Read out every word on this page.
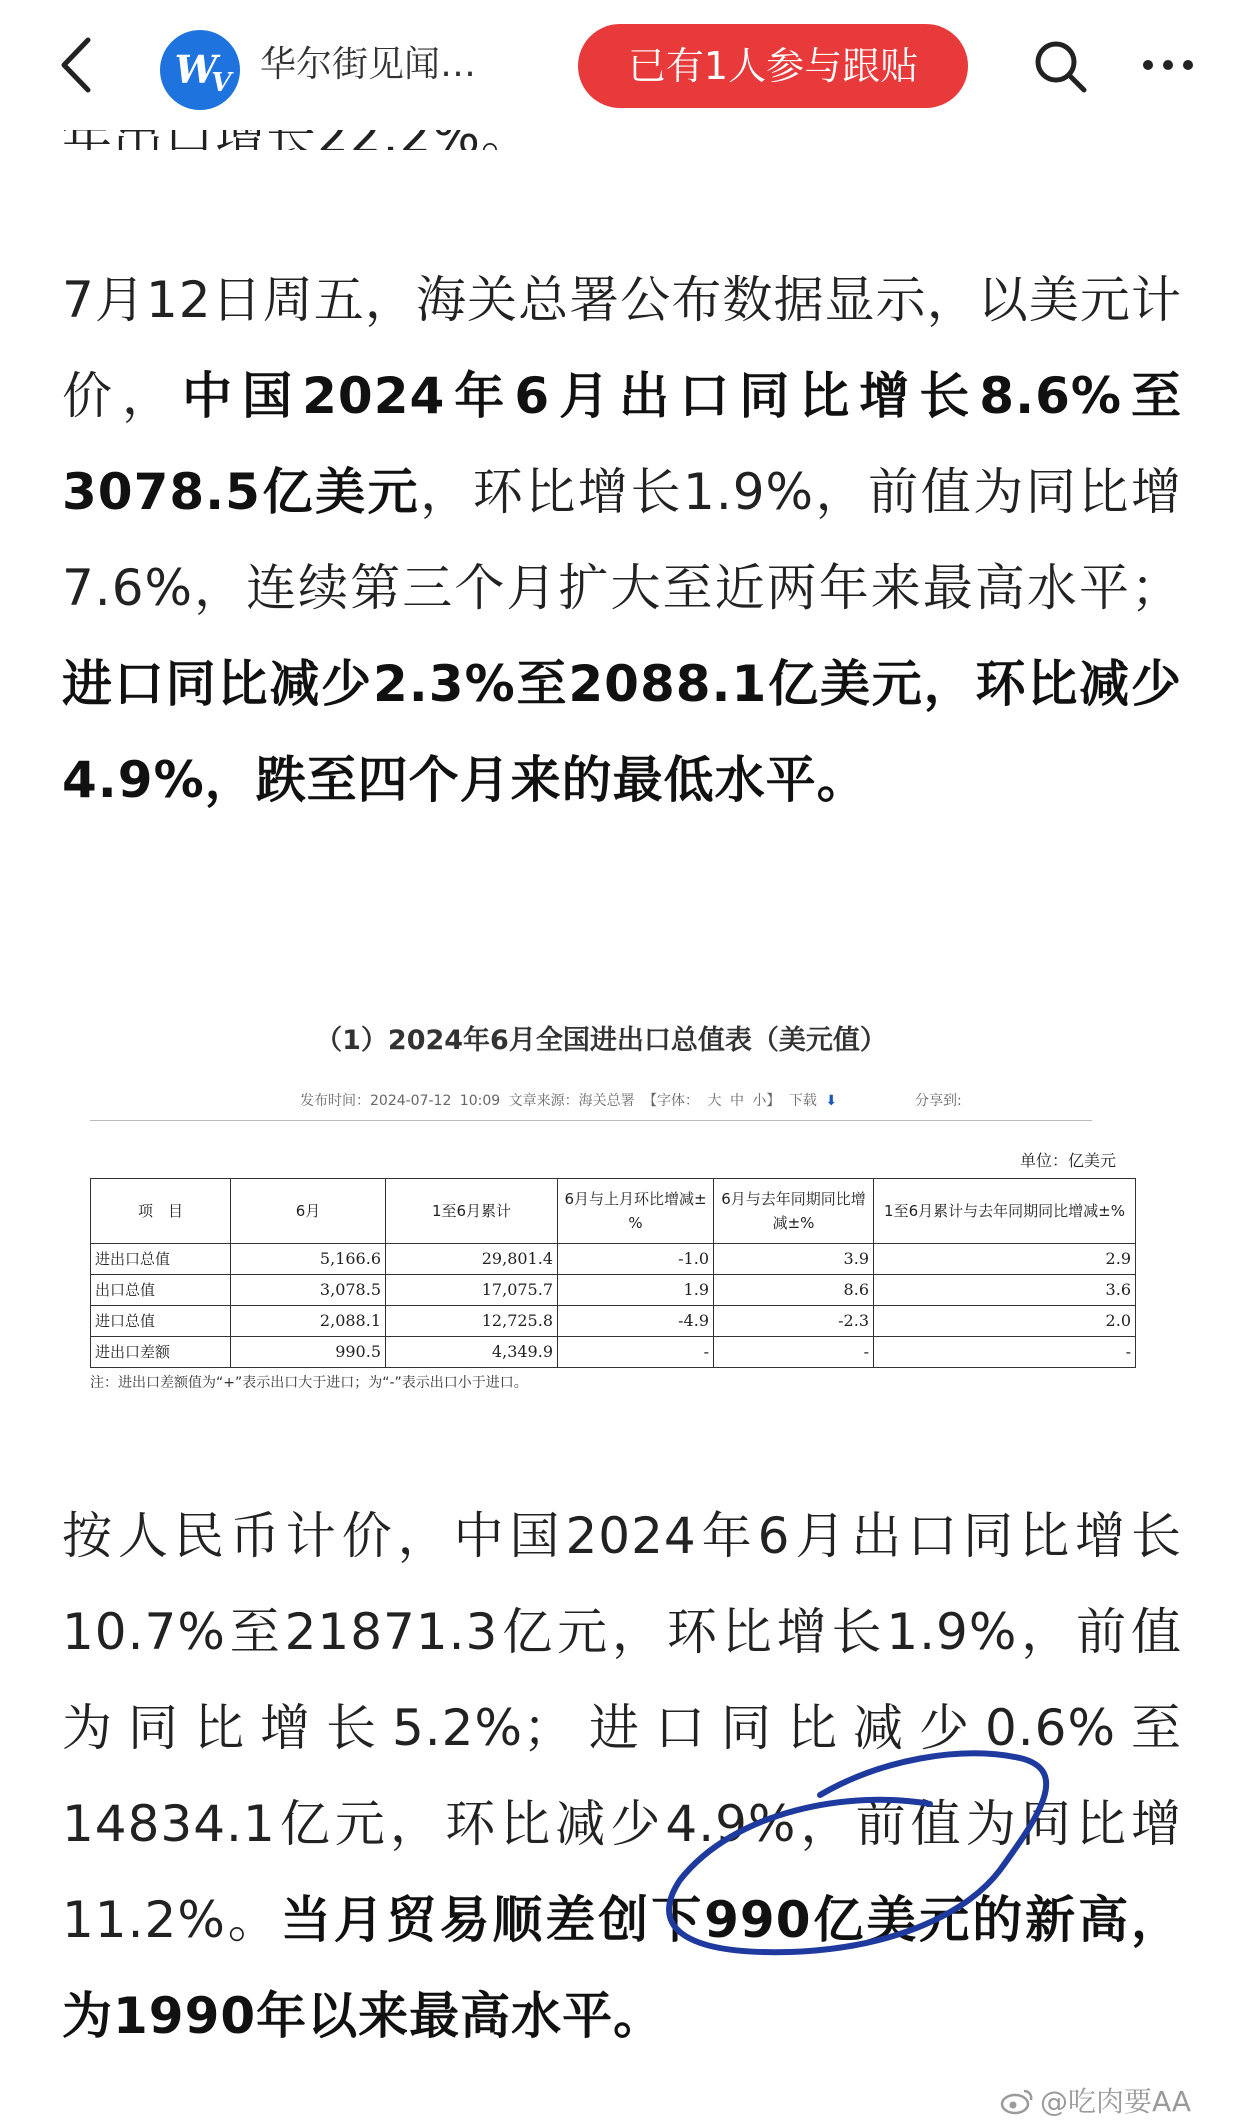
$W_V$ 华尔街见闻…	已有1人参与跟贴

7月12日周五，海关总署公布数据显示，以美元计价，中国2024年6月出口同比增长8.6%至3078.5亿美元，环比增长1.9%，前值为同比增7.6%，连续第三个月扩大至近两年来最高水平；进口同比减少2.3%至2088.1亿美元，环比减少4.9%，跌至四个月来的最低水平。

（1）2024年6月全国进出口总值表（美元值）
发布时间：2024-07-12 10:09 文章来源：海关总署 【字体： 大 中 小】 下载 ⬇	分享到:
单位：亿美元
项　目	6月	1至6月累计	6月与上月环比增减±%	6月与去年同期同比增减±%	1至6月累计与去年同期同比增减±%
进出口总值	5,166.6	29,801.4	-1.0	3.9	2.9
出口总值	3,078.5	17,075.7	1.9	8.6	3.6
进口总值	2,088.1	12,725.8	-4.9	-2.3	2.0
进出口差额	990.5	4,349.9	-	-	-
注：进出口差额值为“+”表示出口大于进口；为“-”表示出口小于进口。

按人民币计价，中国2024年6月出口同比增长10.7%至21871.3亿元，环比增长1.9%，前值为同比增长5.2%；进口同比减少0.6%至14834.1亿元，环比减少4.9%，前值为同比增11.2%。当月贸易顺差创下990亿美元的新高，为1990年以来最高水平。

@吃肉要AA
